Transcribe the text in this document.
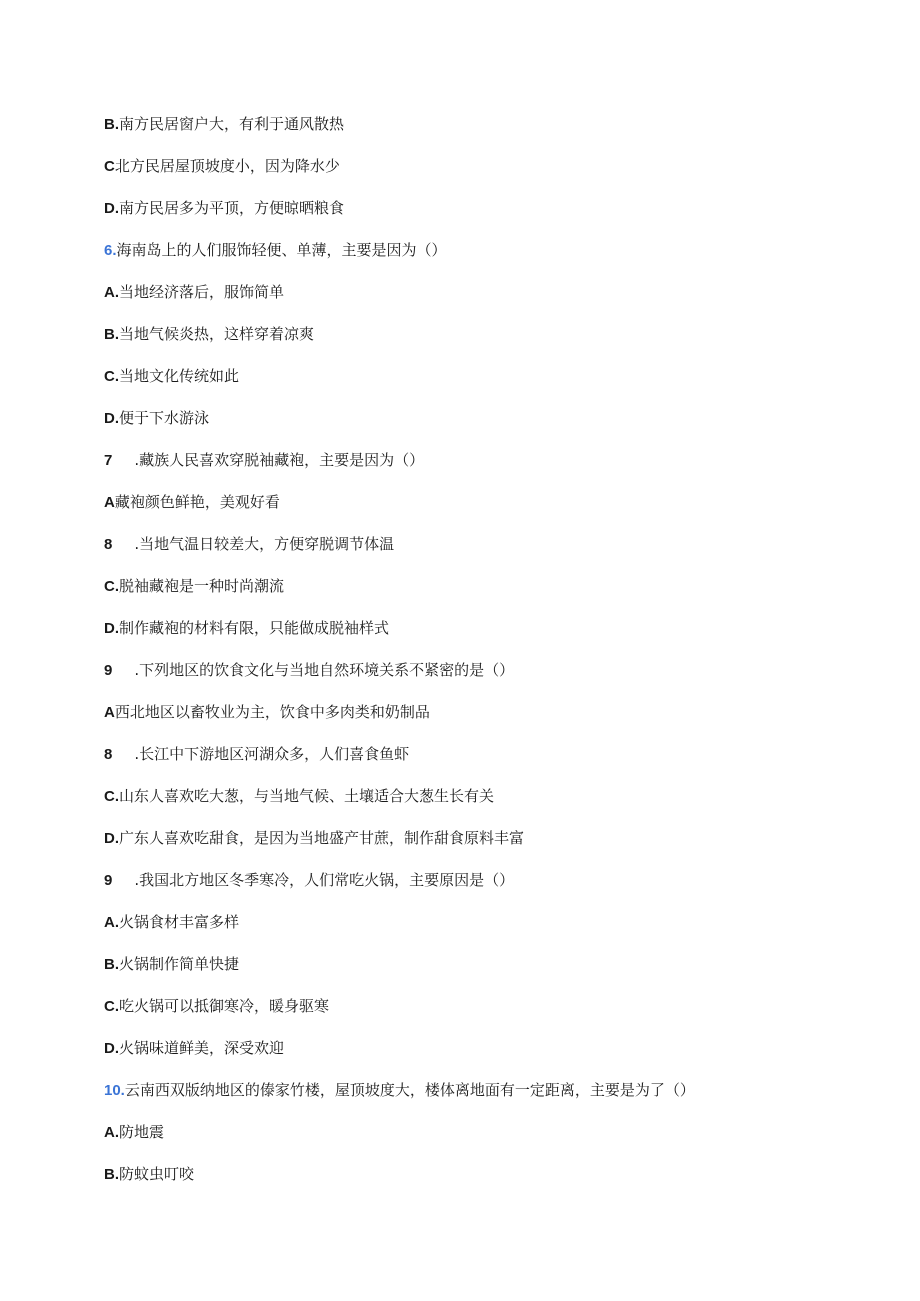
B.南方民居窗户大，有利于通风散热
C北方民居屋顶坡度小，因为降水少
D.南方民居多为平顶，方便晾晒粮食
6.海南岛上的人们服饰轻便、单薄，主要是因为（）
A.当地经济落后，服饰简单
B.当地气候炎热，这样穿着凉爽
C.当地文化传统如此
D.便于下水游泳
7 .藏族人民喜欢穿脱袖藏袍，主要是因为（）
A藏袍颜色鲜艳，美观好看
8 .当地气温日较差大，方便穿脱调节体温
C.脱袖藏袍是一种时尚潮流
D.制作藏袍的材料有限，只能做成脱袖样式
9 .下列地区的饮食文化与当地自然环境关系不紧密的是（）
A西北地区以畜牧业为主，饮食中多肉类和奶制品
8 .长江中下游地区河湖众多，人们喜食鱼虾
C.山东人喜欢吃大葱，与当地气候、土壤适合大葱生长有关
D.广东人喜欢吃甜食，是因为当地盛产甘蔗，制作甜食原料丰富
9 .我国北方地区冬季寒冷，人们常吃火锅，主要原因是（）
A.火锅食材丰富多样
B.火锅制作简单快捷
C.吃火锅可以抵御寒冷，暖身驱寒
D.火锅味道鲜美，深受欢迎
10.云南西双版纳地区的傣家竹楼，屋顶坡度大，楼体离地面有一定距离，主要是为了（）
A.防地震
B.防蚊虫叮咬
